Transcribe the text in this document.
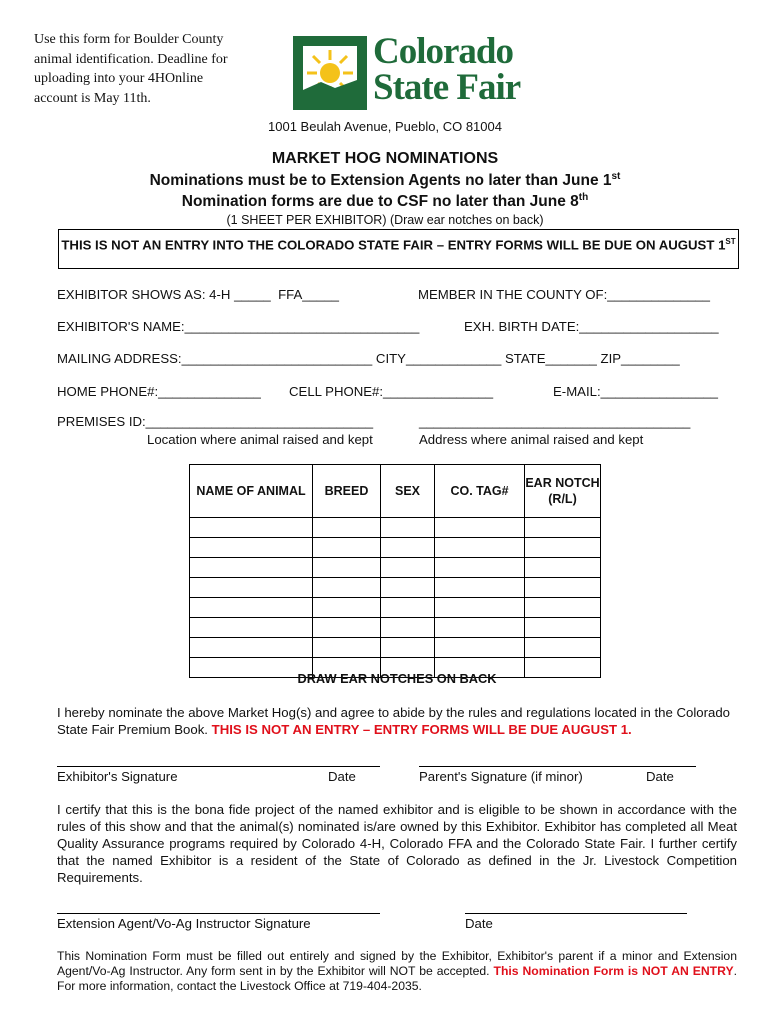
Use this form for Boulder County animal identification. Deadline for uploading into your 4HOnline account is May 11th.
Colorado
State Fair
1001 Beulah Avenue, Pueblo, CO 81004
MARKET HOG NOMINATIONS
Nominations must be to Extension Agents no later than June 1st
Nomination forms are due to CSF no later than June 8th
(1 SHEET PER EXHIBITOR) (Draw ear notches on back)
THIS IS NOT AN ENTRY INTO THE COLORADO STATE FAIR – ENTRY FORMS WILL BE DUE ON AUGUST 1ST
EXHIBITOR SHOWS AS: 4-H _____  FFA_____	MEMBER IN THE COUNTY OF:______________
EXHIBITOR'S NAME:________________________________	EXH. BIRTH DATE:___________________
MAILING ADDRESS:__________________________ CITY_____________ STATE_______ ZIP________
HOME PHONE#:______________ CELL PHONE#:_______________	E-MAIL:________________
PREMISES ID:_______________________________	_____________________________________
Location where animal raised and kept	Address where animal raised and kept
NAME OF ANIMAL	BREED	SEX	CO. TAG#	EAR NOTCH (R/L)

DRAW EAR NOTCHES ON BACK
I hereby nominate the above Market Hog(s) and agree to abide by the rules and regulations located in the Colorado State Fair Premium Book. THIS IS NOT AN ENTRY – ENTRY FORMS WILL BE DUE AUGUST 1.
Exhibitor's Signature	Date	Parent's Signature (if minor)	Date
I certify that this is the bona fide project of the named exhibitor and is eligible to be shown in accordance with the rules of this show and that the animal(s) nominated is/are owned by this Exhibitor. Exhibitor has completed all Meat Quality Assurance programs required by Colorado 4-H, Colorado FFA and the Colorado State Fair. I further certify that the named Exhibitor is a resident of the State of Colorado as defined in the Jr. Livestock Competition Requirements.
Extension Agent/Vo-Ag Instructor Signature	Date
This Nomination Form must be filled out entirely and signed by the Exhibitor, Exhibitor's parent if a minor and Extension Agent/Vo-Ag Instructor. Any form sent in by the Exhibitor will NOT be accepted. This Nomination Form is NOT AN ENTRY. For more information, contact the Livestock Office at 719-404-2035.
